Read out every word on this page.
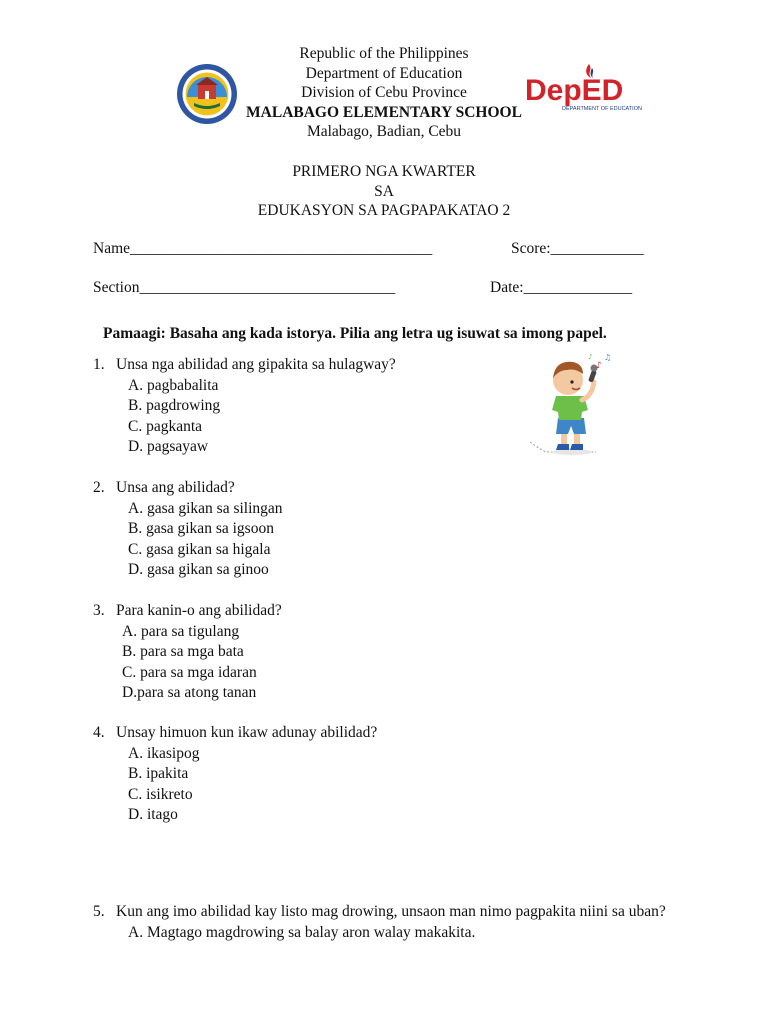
DepED
DEPARTMENT OF EDUCATION
Republic of the Philippines
Department of Education
Division of Cebu Province
MALABAGO ELEMENTARY SCHOOL
Malabago, Badian, Cebu
PRIMERO NGA KWARTER
SA
EDUKASYON SA PAGPAPAKATAO 2
Name_______________________________________	Score:____________
Section_________________________________	Date:______________
Pamaagi: Basaha ang kada istorya. Pilia ang letra ug isuwat sa imong papel.
1. Unsa nga abilidad ang gipakita sa hulagway?
A. pagbabalita
B. pagdrowing
C. pagkanta
D. pagsayaw
♪
♫
♪
2. Unsa ang abilidad?
A. gasa gikan sa silingan
B. gasa gikan sa igsoon
C. gasa gikan sa higala
D. gasa gikan sa ginoo
3. Para kanin-o ang abilidad?
A. para sa tigulang
B. para sa mga bata
C. para sa mga idaran
D.para sa atong tanan
4. Unsay himuon kun ikaw adunay abilidad?
A. ikasipog
B. ipakita
C. isikreto
D. itago
5. Kun ang imo abilidad kay listo mag drowing, unsaon man nimo pagpakita niini sa uban?
A. Magtago magdrowing sa balay aron walay makakita.
